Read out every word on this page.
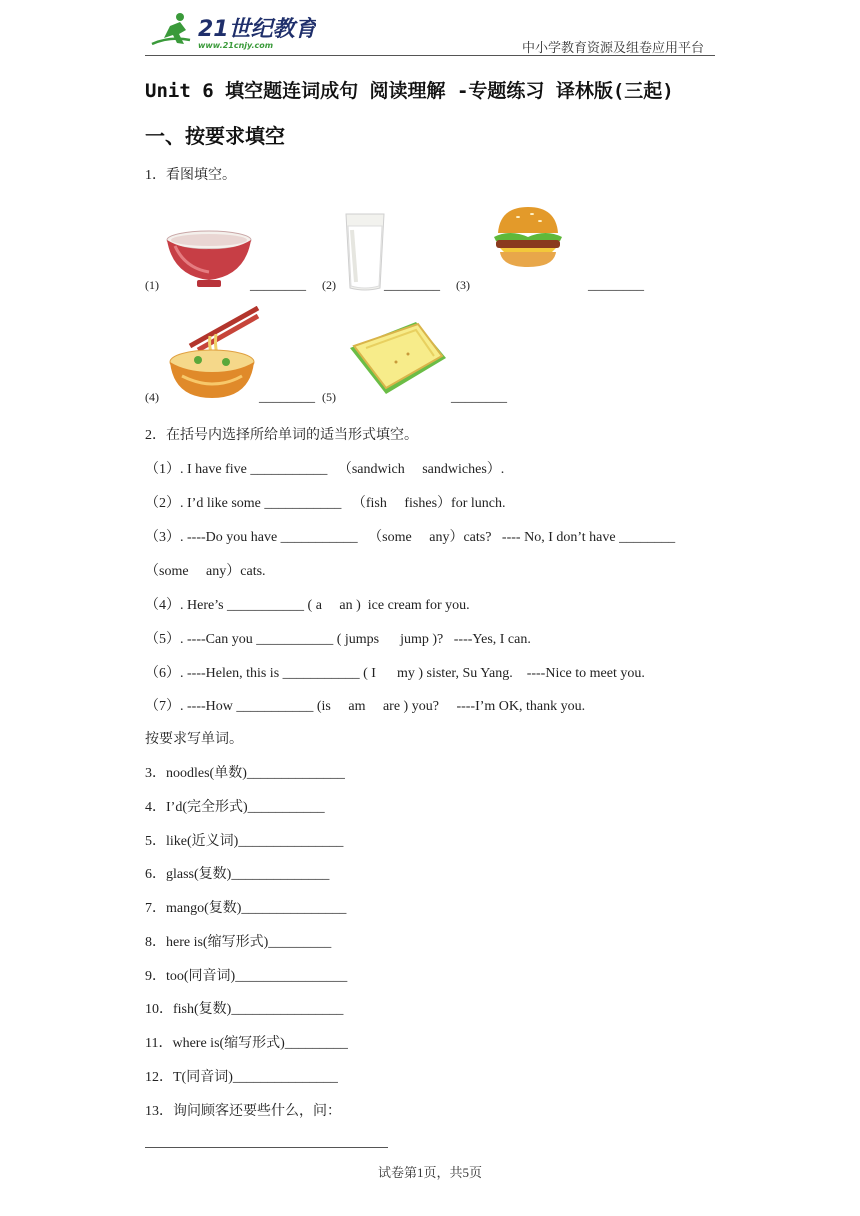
21世纪教育
www.21cnjy.com	中小学教育资源及组卷应用平台
Unit 6 填空题连词成句 阅读理解 -专题练习 译林版(三起)
一、按要求填空
1．看图填空。
(1)	________ (2)	________ (3)	________
(4)	________ (5)	________
2．在括号内选择所给单词的适当形式填空。
（1）. I have five ___________   （sandwich     sandwiches）.
（2）. I’d like some ___________   （fish     fishes）for lunch.
（3）. ----Do you have ___________   （some     any）cats?   ---- No, I don’t have ________
（some     any）cats.
（4）. Here’s ___________ ( a     an )  ice cream for you.
（5）. ----Can you ___________ ( jumps      jump )?   ----Yes, I can.
（6）. ----Helen, this is ___________ ( I      my ) sister, Su Yang.    ----Nice to meet you.
（7）. ----How ___________ (is     am     are ) you?     ----I’m OK, thank you.
按要求写单词。
3．noodles(单数)______________
4．I’d(完全形式)___________
5．like(近义词)_______________
6．glass(复数)______________
7．mango(复数)_______________
8．here is(缩写形式)_________
9．too(同音词)________________
10．fish(复数)________________
11．where is(缩写形式)_________
12．T(同音词)_______________
13．询问顾客还要些什么，问：
试卷第1页，共5页
